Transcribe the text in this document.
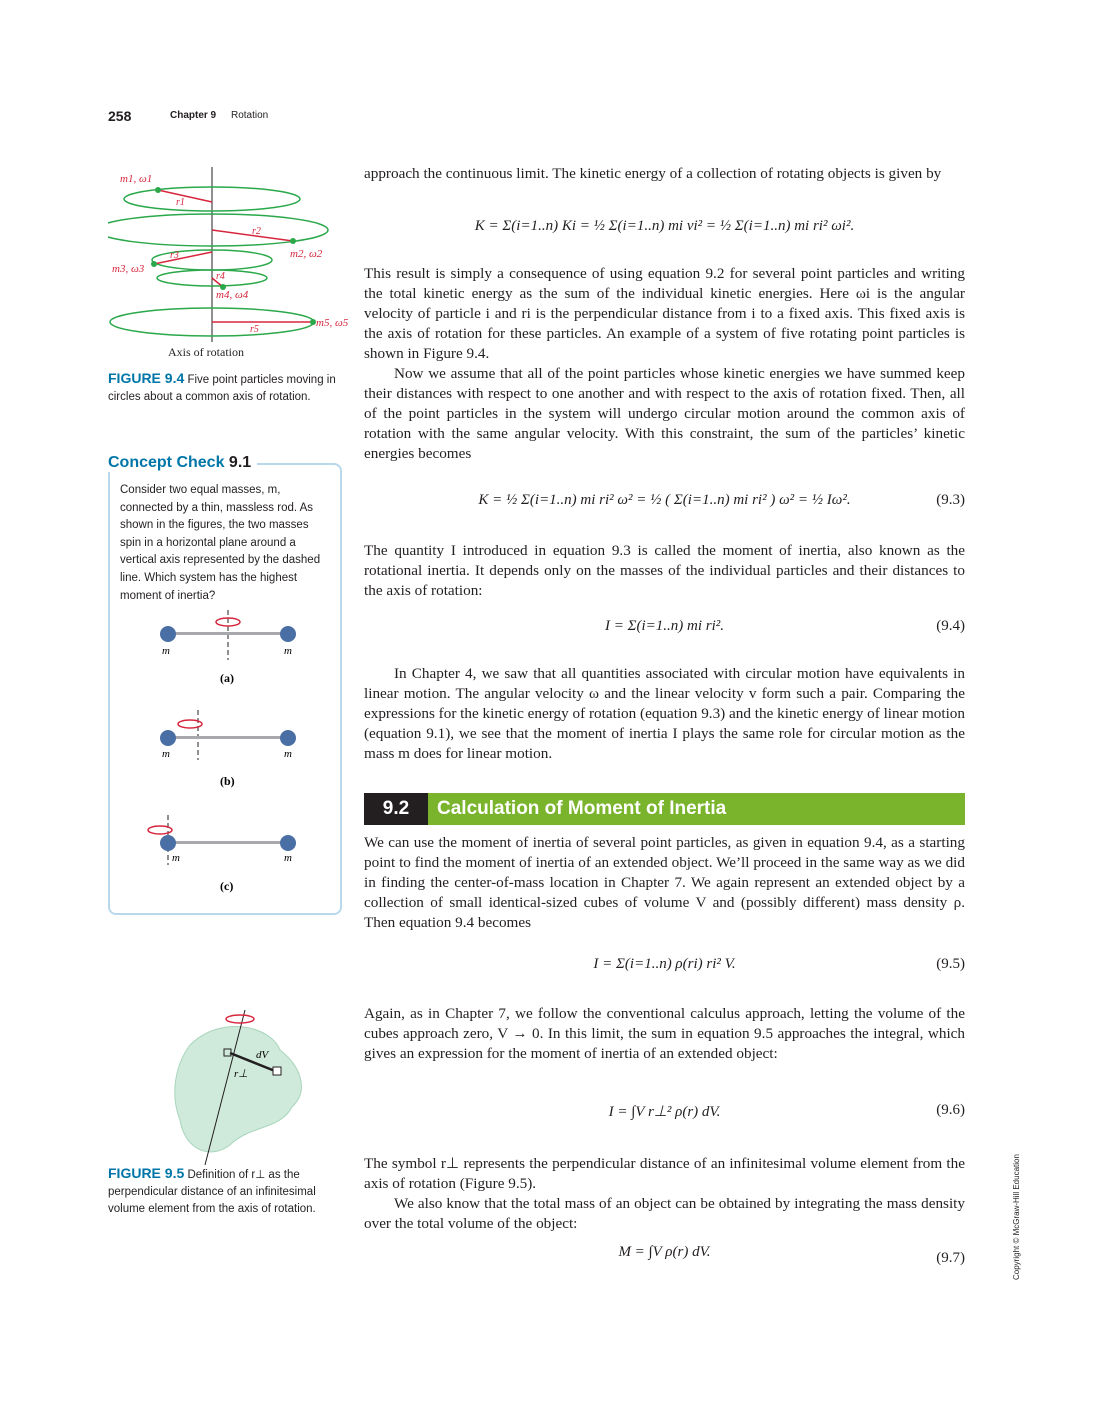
258	Chapter 9 Rotation
m1, ω1
r1
r2
m2, ω2
r3
m3, ω3
r4
m4, ω4
m5, ω5
r5
Axis of rotation
FIGURE 9.4 Five point particles moving in circles about a common axis of rotation.
Concept Check 9.1
Consider two equal masses, m, connected by a thin, massless rod. As shown in the figures, the two masses spin in a horizontal plane around a vertical axis represented by the dashed line. Which system has the highest moment of inertia?
m	m
(a)
m	m
(b)
m	m
(c)
dV
r⊥
FIGURE 9.5 Definition of r⊥ as the perpendicular distance of an infinitesimal volume element from the axis of rotation.
approach the continuous limit. The kinetic energy of a collection of rotating objects is given by
K = Σ(i=1..n) Ki = ½ Σ(i=1..n) mi vi² = ½ Σ(i=1..n) mi ri² ωi².
This result is simply a consequence of using equation 9.2 for several point particles and writing the total kinetic energy as the sum of the individual kinetic energies. Here ωi is the angular velocity of particle i and ri is the perpendicular distance from i to a fixed axis. This fixed axis is the axis of rotation for these particles. An example of a system of five rotating point particles is shown in Figure 9.4.
Now we assume that all of the point particles whose kinetic energies we have summed keep their distances with respect to one another and with respect to the axis of rotation fixed. Then, all of the point particles in the system will undergo circular motion around the common axis of rotation with the same angular velocity. With this constraint, the sum of the particles’ kinetic energies becomes
K = ½ Σ(i=1..n) mi ri² ω² = ½ ( Σ(i=1..n) mi ri² ) ω² = ½ Iω².	(9.3)
The quantity I introduced in equation 9.3 is called the moment of inertia, also known as the rotational inertia. It depends only on the masses of the individual particles and their distances to the axis of rotation:
I = Σ(i=1..n) mi ri².	(9.4)
In Chapter 4, we saw that all quantities associated with circular motion have equivalents in linear motion. The angular velocity ω and the linear velocity v form such a pair. Comparing the expressions for the kinetic energy of rotation (equation 9.3) and the kinetic energy of linear motion (equation 9.1), we see that the moment of inertia I plays the same role for circular motion as the mass m does for linear motion.
9.2	Calculation of Moment of Inertia
We can use the moment of inertia of several point particles, as given in equation 9.4, as a starting point to find the moment of inertia of an extended object. We’ll proceed in the same way as we did in finding the center-of-mass location in Chapter 7. We again represent an extended object by a collection of small identical-sized cubes of volume V and (possibly different) mass density ρ. Then equation 9.4 becomes
I = Σ(i=1..n) ρ(ri) ri² V.	(9.5)
Again, as in Chapter 7, we follow the conventional calculus approach, letting the volume of the cubes approach zero, V → 0. In this limit, the sum in equation 9.5 approaches the integral, which gives an expression for the moment of inertia of an extended object:
I = ∫V r⊥² ρ(r) dV.	(9.6)
The symbol r⊥ represents the perpendicular distance of an infinitesimal volume element from the axis of rotation (Figure 9.5).
We also know that the total mass of an object can be obtained by integrating the mass density over the total volume of the object:
M = ∫V ρ(r) dV.	(9.7)	Copyright © McGraw-Hill Education
